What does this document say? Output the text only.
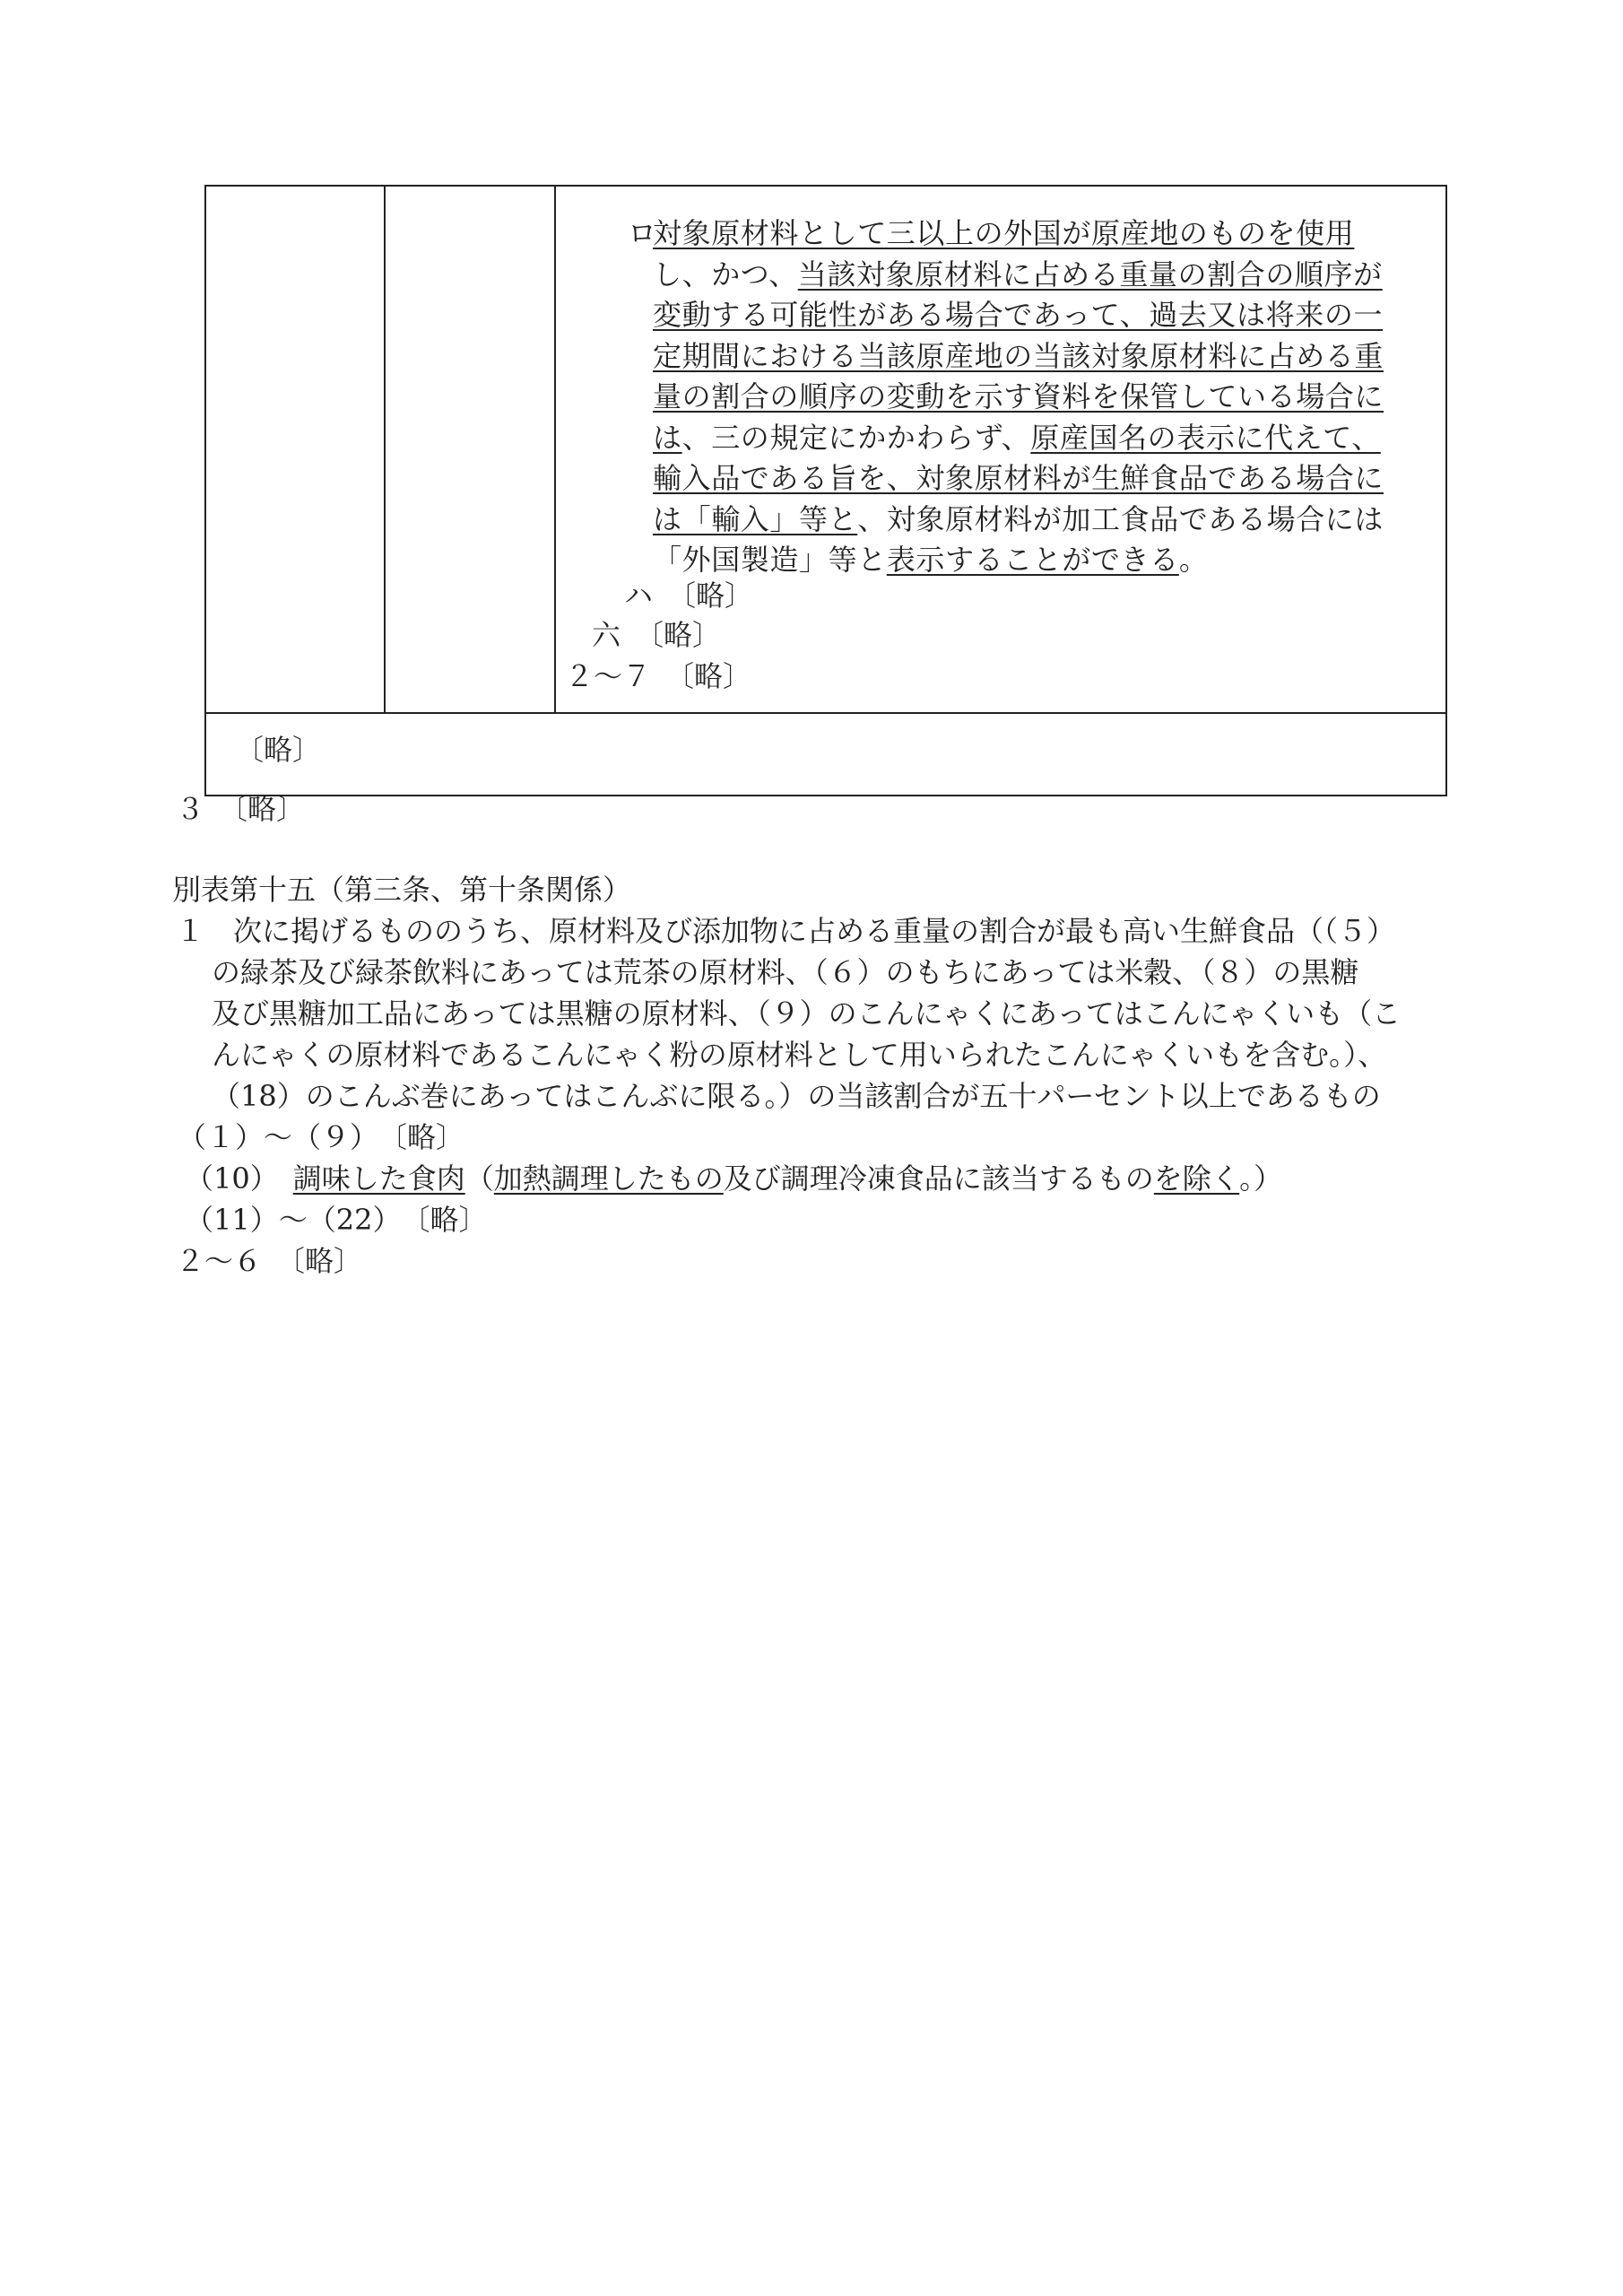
ロ
対象原材料として三以上の外国が原産地のものを使用
し、かつ、当該対象原材料に占める重量の割合の順序が
変動する可能性がある場合であって、過去又は将来の一
定期間における当該原産地の当該対象原材料に占める重
量の割合の順序の変動を示す資料を保管している場合に
は、三の規定にかかわらず、原産国名の表示に代えて、
輸入品である旨を、対象原材料が生鮮食品である場合に
は「輸入」等と、対象原材料が加工食品である場合には
「外国製造」等と表示することができる。
ハ　〔略〕
六　〔略〕
２～７　〔略〕
〔略〕
３　〔略〕
別表第十五（第三条、第十条関係）
１　次に掲げるもののうち、原材料及び添加物に占める重量の割合が最も高い生鮮食品（（５）
の緑茶及び緑茶飲料にあっては荒茶の原材料、（６）のもちにあっては米穀、（８）の黒糖
及び黒糖加工品にあっては黒糖の原材料、（９）のこんにゃくにあってはこんにゃくいも（こ
んにゃくの原材料であるこんにゃく粉の原材料として用いられたこんにゃくいもを含む。）、
（18）のこんぶ巻にあってはこんぶに限る。）の当該割合が五十パーセント以上であるもの
（１）～（９）　〔略〕
（10）　調味した食肉（加熱調理したもの及び調理冷凍食品に該当するものを除く。）
（11）～（22）　〔略〕
２～６　〔略〕
